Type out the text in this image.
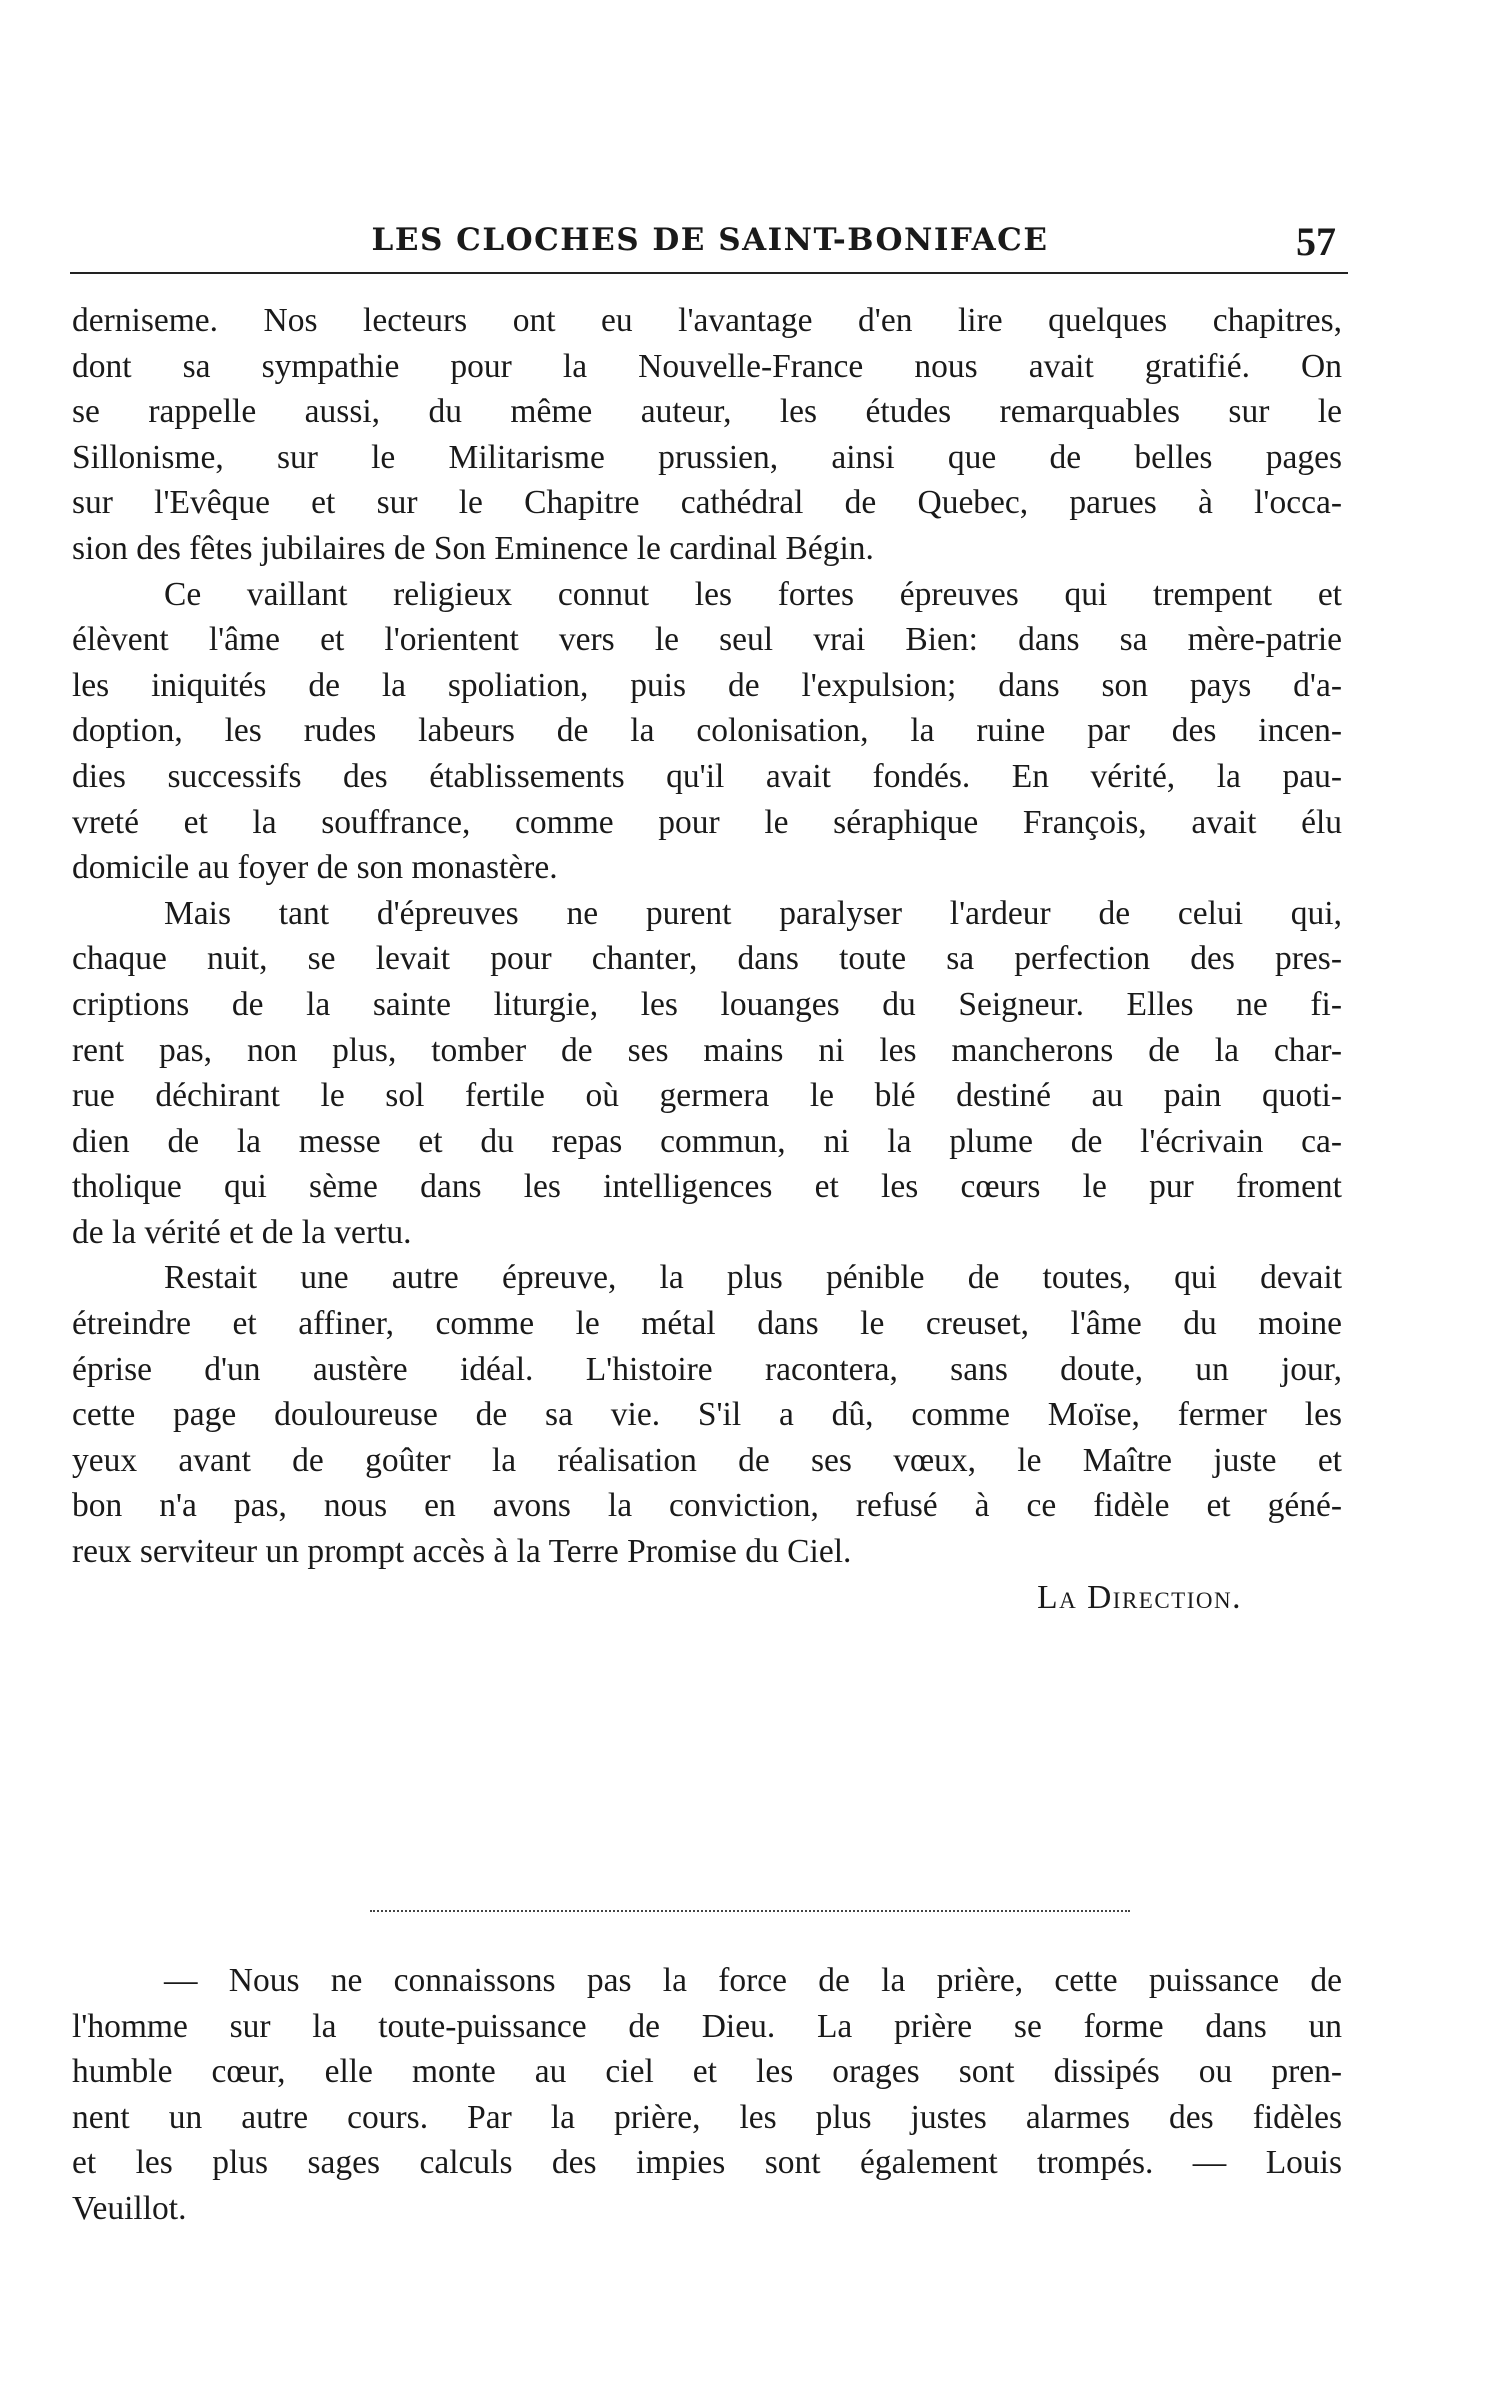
LES CLOCHES DE SAINT-BONIFACE	57
derniseme. Nos lecteurs ont eu l'avantage d'en lire quelques chapitres,
dont sa sympathie pour la Nouvelle-France nous avait gratifié. On
se rappelle aussi, du même auteur, les études remarquables sur le
Sillonisme, sur le Militarisme prussien, ainsi que de belles pages
sur l'Evêque et sur le Chapitre cathédral de Quebec, parues à l'occa-
sion des fêtes jubilaires de Son Eminence le cardinal Bégin.
Ce vaillant religieux connut les fortes épreuves qui trempent et
élèvent l'âme et l'orientent vers le seul vrai Bien: dans sa mère-patrie
les iniquités de la spoliation, puis de l'expulsion; dans son pays d'a-
doption, les rudes labeurs de la colonisation, la ruine par des incen-
dies successifs des établissements qu'il avait fondés. En vérité, la pau-
vreté et la souffrance, comme pour le séraphique François, avait élu
domicile au foyer de son monastère.
Mais tant d'épreuves ne purent paralyser l'ardeur de celui qui,
chaque nuit, se levait pour chanter, dans toute sa perfection des pres-
criptions de la sainte liturgie, les louanges du Seigneur. Elles ne fi-
rent pas, non plus, tomber de ses mains ni les mancherons de la char-
rue déchirant le sol fertile où germera le blé destiné au pain quoti-
dien de la messe et du repas commun, ni la plume de l'écrivain ca-
tholique qui sème dans les intelligences et les cœurs le pur froment
de la vérité et de la vertu.
Restait une autre épreuve, la plus pénible de toutes, qui devait
étreindre et affiner, comme le métal dans le creuset, l'âme du moine
éprise d'un austère idéal. L'histoire racontera, sans doute, un jour,
cette page douloureuse de sa vie. S'il a dû, comme Moïse, fermer les
yeux avant de goûter la réalisation de ses vœux, le Maître juste et
bon n'a pas, nous en avons la conviction, refusé à ce fidèle et géné-
reux serviteur un prompt accès à la Terre Promise du Ciel.
La Direction.
— Nous ne connaissons pas la force de la prière, cette puissance de
l'homme sur la toute-puissance de Dieu. La prière se forme dans un
humble cœur, elle monte au ciel et les orages sont dissipés ou pren-
nent un autre cours. Par la prière, les plus justes alarmes des fidèles
et les plus sages calculs des impies sont également trompés. — Louis
Veuillot.
